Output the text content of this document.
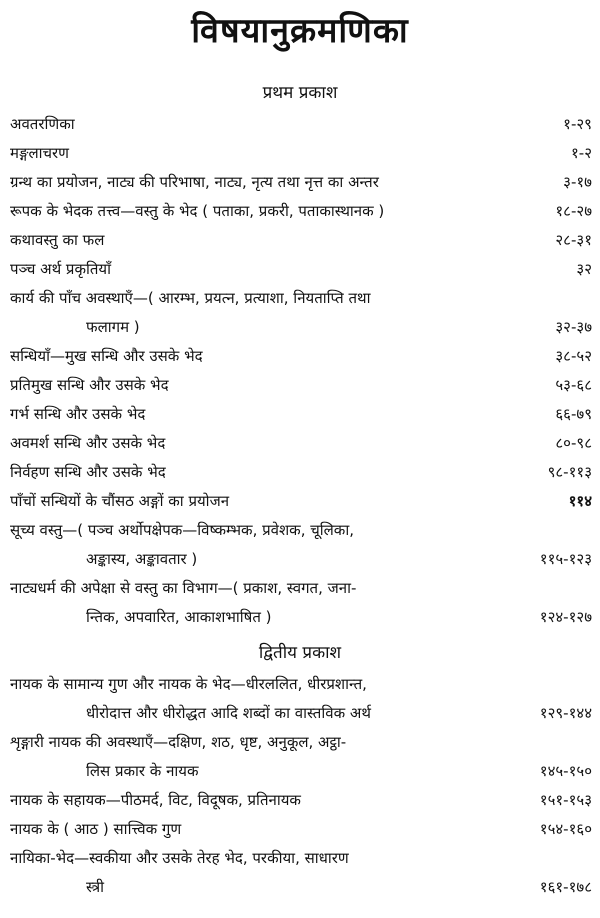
विषयानुक्रमणिका
प्रथम प्रकाश
अवतरणिका	१-२९
मङ्गलाचरण	१-२
ग्रन्थ का प्रयोजन, नाट्य की परिभाषा, नाट्य, नृत्य तथा नृत्त का अन्तर	३-१७
रूपक के भेदक तत्त्व—वस्तु के भेद ( पताका, प्रकरी, पताकास्थानक )	१८-२७
कथावस्तु का फल	२८-३१
पञ्च अर्थ प्रकृतियाँ	३२
कार्य की पाँच अवस्थाएँ—( आरम्भ, प्रयत्न, प्रत्याशा, नियताप्ति तथा
फलागम )	३२-३७
सन्धियाँ—मुख सन्धि और उसके भेद	३८-५२
प्रतिमुख सन्धि और उसके भेद	५३-६८
गर्भ सन्धि और उसके भेद	६६-७९
अवमर्श सन्धि और उसके भेद	८०-९८
निर्वहण सन्धि और उसके भेद	९८-११३
पाँचों सन्धियों के चौंसठ अङ्गों का प्रयोजन	११४
सूच्य वस्तु—( पञ्च अर्थोपक्षेपक—विष्कम्भक, प्रवेशक, चूलिका,
अङ्कास्य, अङ्कावतार )	११५-१२३
नाट्यधर्म की अपेक्षा से वस्तु का विभाग—( प्रकाश, स्वगत, जना-
न्तिक, अपवारित, आकाशभाषित )	१२४-१२७
द्वितीय प्रकाश
नायक के सामान्य गुण और नायक के भेद—धीरललित, धीरप्रशान्त,
धीरोदात्त और धीरोद्धत आदि शब्दों का वास्तविक अर्थ	१२९-१४४
शृङ्गारी नायक की अवस्थाएँ—दक्षिण, शठ, धृष्ट, अनुकूल, अट्ठा-
लिस प्रकार के नायक	१४५-१५०
नायक के सहायक—पीठमर्द, विट, विदूषक, प्रतिनायक	१५१-१५३
नायक के ( आठ ) सात्त्विक गुण	१५४-१६०
नायिका-भेद—स्वकीया और उसके तेरह भेद, परकीया, साधारण
स्त्री	१६१-१७८
